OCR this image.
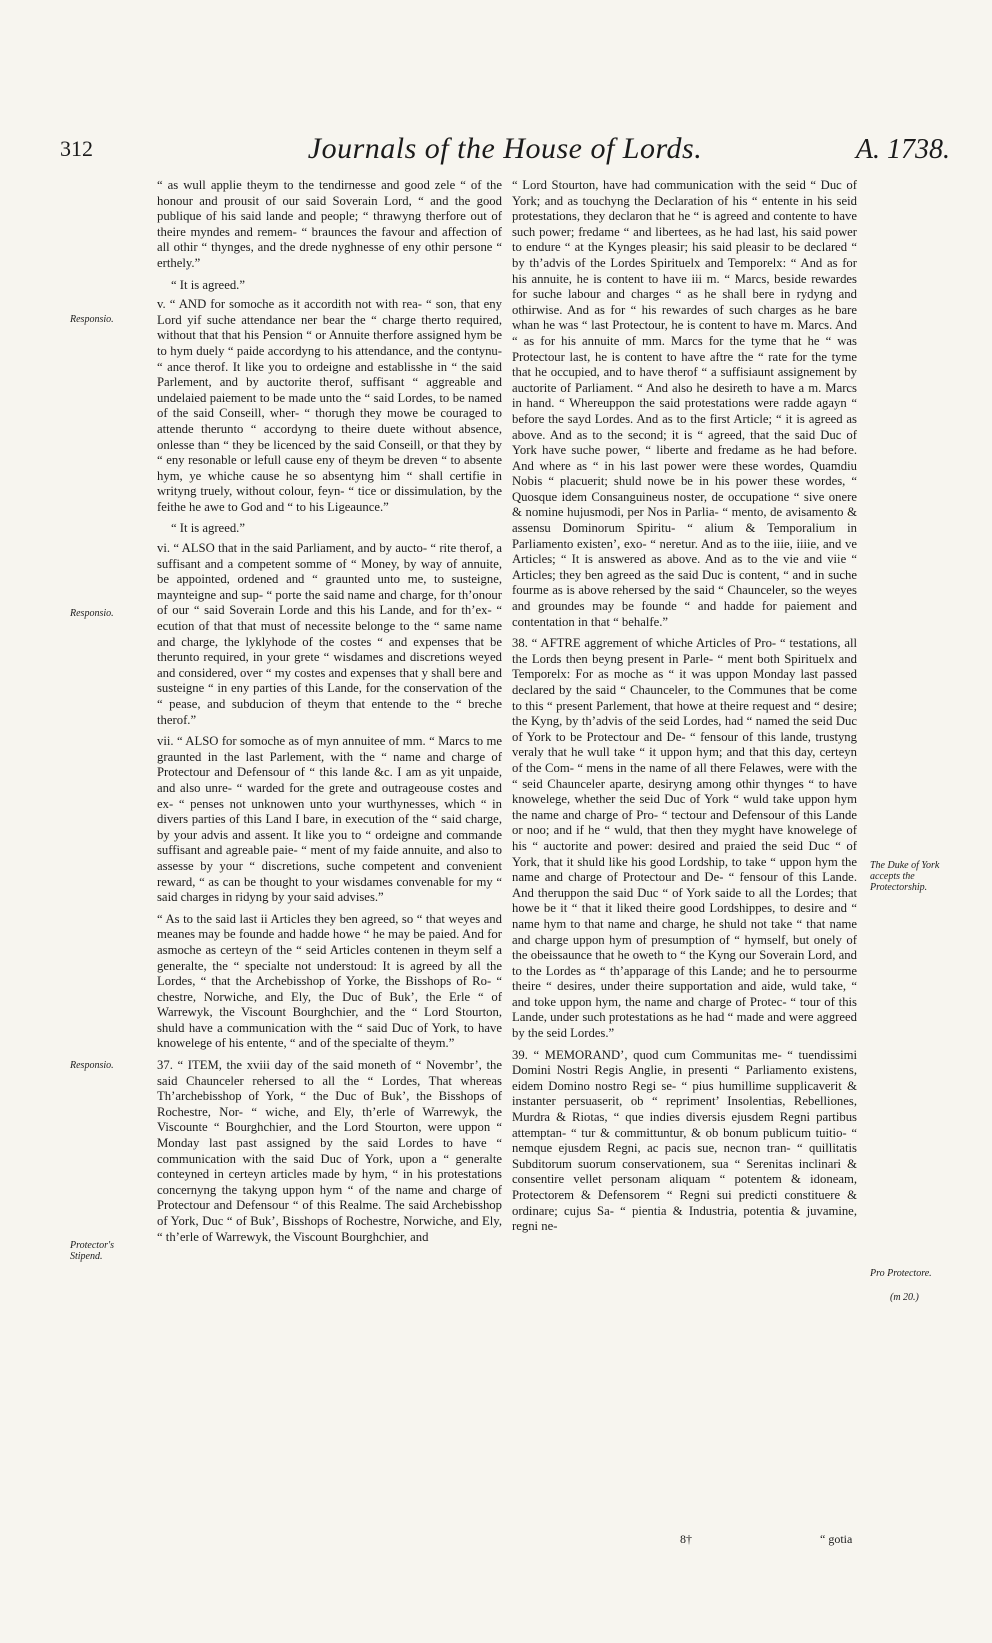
312	Journals of the House of Lords.	A. 1738.

“ as wull applie theym to the tendirnesse and good zele “ of the honour and prousit of our said Soverain Lord, “ and the good publique of his said lande and people; “ thrawyng therfore out of theire myndes and remem- “ braunces the favour and affection of all othir “ thynges, and the drede nyghnesse of eny othir persone “ erthely.”

“ It is agreed.”

v. “ AND for somoche as it accordith not with rea- “ son, that eny Lord yif suche attendance ner bear the “ charge therto required, without that that his Pension “ or Annuite therfore assigned hym be to hym duely “ paide accordyng to his attendance, and the contynu- “ ance therof. It like you to ordeigne and establisshe in “ the said Parlement, and by auctorite therof, suffisant “ aggreable and undelaied paiement to be made unto the “ said Lordes, to be named of the said Conseill, wher- “ thorugh they mowe be couraged to attende therunto “ accordyng to theire duete without absence, onlesse than “ they be licenced by the said Conseill, or that they by “ eny resonable or lefull cause eny of theym be dreven “ to absente hym, ye whiche cause he so absentyng him “ shall certifie in writyng truely, without colour, feyn- “ tice or dissimulation, by the feithe he awe to God and “ to his Ligeaunce.”

“ It is agreed.”

vi. “ ALSO that in the said Parliament, and by aucto- “ rite therof, a suffisant and a competent somme of “ Money, by way of annuite, be appointed, ordened and “ graunted unto me, to susteigne, maynteigne and sup- “ porte the said name and charge, for th’onour of our “ said Soverain Lorde and this his Lande, and for th’ex- “ ecution of that that must of necessite belonge to the “ same name and charge, the lyklyhode of the costes “ and expenses that be therunto required, in your grete “ wisdames and discretions weyed and considered, over “ my costes and expenses that y shall bere and susteigne “ in eny parties of this Lande, for the conservation of the “ pease, and subducion of theym that entende to the “ breche therof.”

vii. “ ALSO for somoche as of myn annuitee of mm. “ Marcs to me graunted in the last Parlement, with the “ name and charge of Protectour and Defensour of “ this lande &c. I am as yit unpaide, and also unre- “ warded for the grete and outrageouse costes and ex- “ penses not unknowen unto your wurthynesses, which “ in divers parties of this Land I bare, in execution of the “ said charge, by your advis and assent. It like you to “ ordeigne and commande suffisant and agreable paie- “ ment of my faide annuite, and also to assesse by your “ discretions, suche competent and convenient reward, “ as can be thought to your wisdames convenable for my “ said charges in ridyng by your said advises.”

“ As to the said last ii Articles they ben agreed, so “ that weyes and meanes may be founde and hadde howe “ he may be paied. And for asmoche as certeyn of the “ seid Articles contenen in theym self a generalte, the “ specialte not understoud: It is agreed by all the Lordes, “ that the Archebisshop of Yorke, the Bisshops of Ro- “ chestre, Norwiche, and Ely, the Duc of Buk’, the Erle “ of Warrewyk, the Viscount Bourghchier, and the “ Lord Stourton, shuld have a communication with the “ said Duc of York, to have knowelege of his entente, “ and of the specialte of theym.”

37. “ ITEM, the xviii day of the said moneth of “ Novembr’, the said Chaunceler rehersed to all the “ Lordes, That whereas Th’archebisshop of York, “ the Duc of Buk’, the Bisshops of Rochestre, Nor- “ wiche, and Ely, th’erle of Warrewyk, the Viscounte “ Bourghchier, and the Lord Stourton, were uppon “ Monday last past assigned by the said Lordes to have “ communication with the said Duc of York, upon a “ generalte conteyned in certeyn articles made by hym, “ in his protestations concernyng the takyng uppon hym “ of the name and charge of Protectour and Defensour “ of this Realme. The said Archebisshop of York, Duc “ of Buk’, Bisshops of Rochestre, Norwiche, and Ely, “ th’erle of Warrewyk, the Viscount Bourghchier, and

“ Lord Stourton, have had communication with the seid “ Duc of York; and as touchyng the Declaration of his “ entente in his seid protestations, they declaron that he “ is agreed and contente to have such power; fredame “ and libertees, as he had last, his said power to endure “ at the Kynges pleasir; his said pleasir to be declared “ by th’advis of the Lordes Spirituelx and Temporelx: “ And as for his annuite, he is content to have iii m. “ Marcs, beside rewardes for suche labour and charges “ as he shall bere in rydyng and othirwise. And as for “ his rewardes of such charges as he bare whan he was “ last Protectour, he is content to have m. Marcs. And “ as for his annuite of mm. Marcs for the tyme that he “ was Protectour last, he is content to have aftre the “ rate for the tyme that he occupied, and to have therof “ a suffisiaunt assignement by auctorite of Parliament. “ And also he desireth to have a m. Marcs in hand. “ Whereuppon the said protestations were radde agayn “ before the sayd Lordes. And as to the first Article; “ it is agreed as above. And as to the second; it is “ agreed, that the said Duc of York have suche power, “ liberte and fredame as he had before. And where as “ in his last power were these wordes, Quamdiu Nobis “ placuerit; shuld nowe be in his power these wordes, “ Quosque idem Consanguineus noster, de occupatione “ sive onere & nomine hujusmodi, per Nos in Parlia- “ mento, de avisamento & assensu Dominorum Spiritu- “ alium & Temporalium in Parliamento existen’, exo- “ neretur. And as to the iiie, iiiie, and ve Articles; “ It is answered as above. And as to the vie and viie “ Articles; they ben agreed as the said Duc is content, “ and in suche fourme as is above rehersed by the said “ Chaunceler, so the weyes and groundes may be founde “ and hadde for paiement and contentation in that “ behalfe.”

38. “ AFTRE aggrement of whiche Articles of Pro- “ testations, all the Lords then beyng present in Parle- “ ment both Spirituelx and Temporelx: For as moche as “ it was uppon Monday last passed declared by the said “ Chaunceler, to the Communes that be come to this “ present Parlement, that howe at theire request and “ desire; the Kyng, by th’advis of the seid Lordes, had “ named the seid Duc of York to be Protectour and De- “ fensour of this lande, trustyng veraly that he wull take “ it uppon hym; and that this day, certeyn of the Com- “ mens in the name of all there Felawes, were with the “ seid Chaunceler aparte, desiryng among othir thynges “ to have knowelege, whether the seid Duc of York “ wuld take uppon hym the name and charge of Pro- “ tectour and Defensour of this Lande or noo; and if he “ wuld, that then they myght have knowelege of his “ auctorite and power: desired and praied the seid Duc “ of York, that it shuld like his good Lordship, to take “ uppon hym the name and charge of Protectour and De- “ fensour of this Lande. And theruppon the said Duc “ of York saide to all the Lordes; that howe be it “ that it liked theire good Lordshippes, to desire and “ name hym to that name and charge, he shuld not take “ that name and charge uppon hym of presumption of “ hymself, but onely of the obeissaunce that he oweth to “ the Kyng our Soverain Lord, and to the Lordes as “ th’apparage of this Lande; and he to persourme theire “ desires, under theire supportation and aide, wuld take, “ and toke uppon hym, the name and charge of Protec- “ tour of this Lande, under such protestations as he had “ made and were aggreed by the seid Lordes.”

39. “ MEMORAND’, quod cum Communitas me- “ tuendissimi Domini Nostri Regis Anglie, in presenti “ Parliamento existens, eidem Domino nostro Regi se- “ pius humillime supplicaverit & instanter persuaserit, ob “ repriment’ Insolentias, Rebelliones, Murdra & Riotas, “ que indies diversis ejusdem Regni partibus attemptan- “ tur & committuntur, & ob bonum publicum tuitio- “ nemque ejusdem Regni, ac pacis sue, necnon tran- “ quillitatis Subditorum suorum conservationem, sua “ Serenitas inclinari & consentire vellet personam aliquam “ potentem & idoneam, Protectorem & Defensorem “ Regni sui predicti constituere & ordinare; cujus Sa- “ pientia & Industria, potentia & juvamine, regni ne-

Responsio.
Responsio.
Responsio.
Protector's Stipend.
The Duke of York accepts the Protectorship.
Pro Protectore.
(m 20.)
8†	“ gotia
